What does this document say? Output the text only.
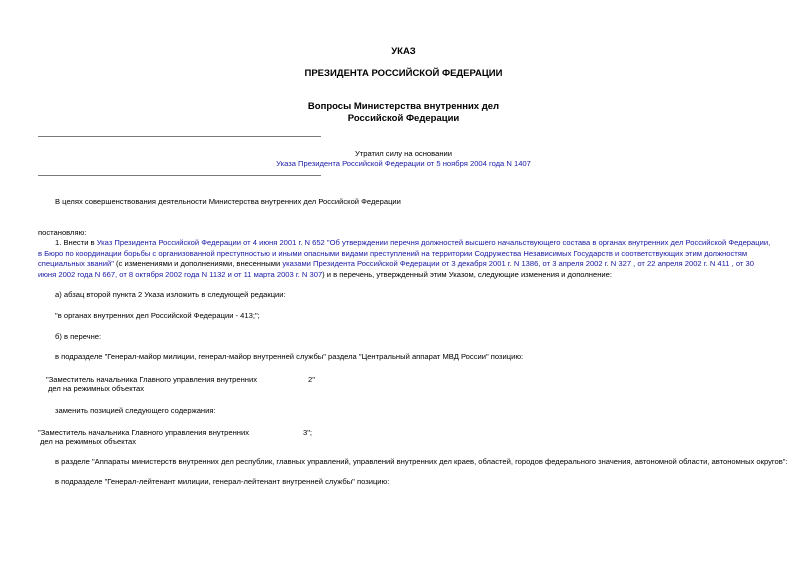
УКАЗ
ПРЕЗИДЕНТА РОССИЙСКОЙ ФЕДЕРАЦИИ
Вопросы Министерства внутренних дел
Российской Федерации
Утратил силу на основании
Указа Президента Российской Федерации от 5 ноября 2004 года N 1407
В целях совершенствования деятельности Министерства внутренних дел Российской Федерации
постановляю:
1. Внести в Указ Президента Российской Федерации от 4 июня 2001 г. N 652 "Об утверждении перечня должностей высшего начальствующего состава в органах внутренних дел Российской Федерации, в Бюро по координации борьбы с организованной преступностью и иными опасными видами преступлений на территории Содружества Независимых Государств и соответствующих этим должностям специальных званий" (с изменениями и дополнениями, внесенными указами Президента Российской Федерации от 3 декабря 2001 г. N 1386, от 3 апреля 2002 г. N 327 , от 22 апреля 2002 г. N 411 , от 30 июня 2002 года N 667, от 8 октября 2002 года N 1132 и от 11 марта 2003 г. N 307) и в перечень, утвержденный этим Указом, следующие изменения и дополнение:
а) абзац второй пункта 2 Указа изложить в следующей редакции:
"в органах внутренних дел Российской Федерации - 413;";
б) в перечне:
в подразделе "Генерал-майор милиции, генерал-майор внутренней службы" раздела "Центральный аппарат МВД России" позицию:
"Заместитель начальника Главного управления внутренних
дел на режимных объектах
2"
заменить позицией следующего содержания:
"Заместитель начальника Главного управления внутренних
дел на режимных объектах
3";
в разделе "Аппараты министерств внутренних дел республик, главных управлений, управлений внутренних дел краев, областей, городов федерального значения, автономной области, автономных округов":
в подразделе "Генерал-лейтенант милиции, генерал-лейтенант внутренней службы" позицию:
